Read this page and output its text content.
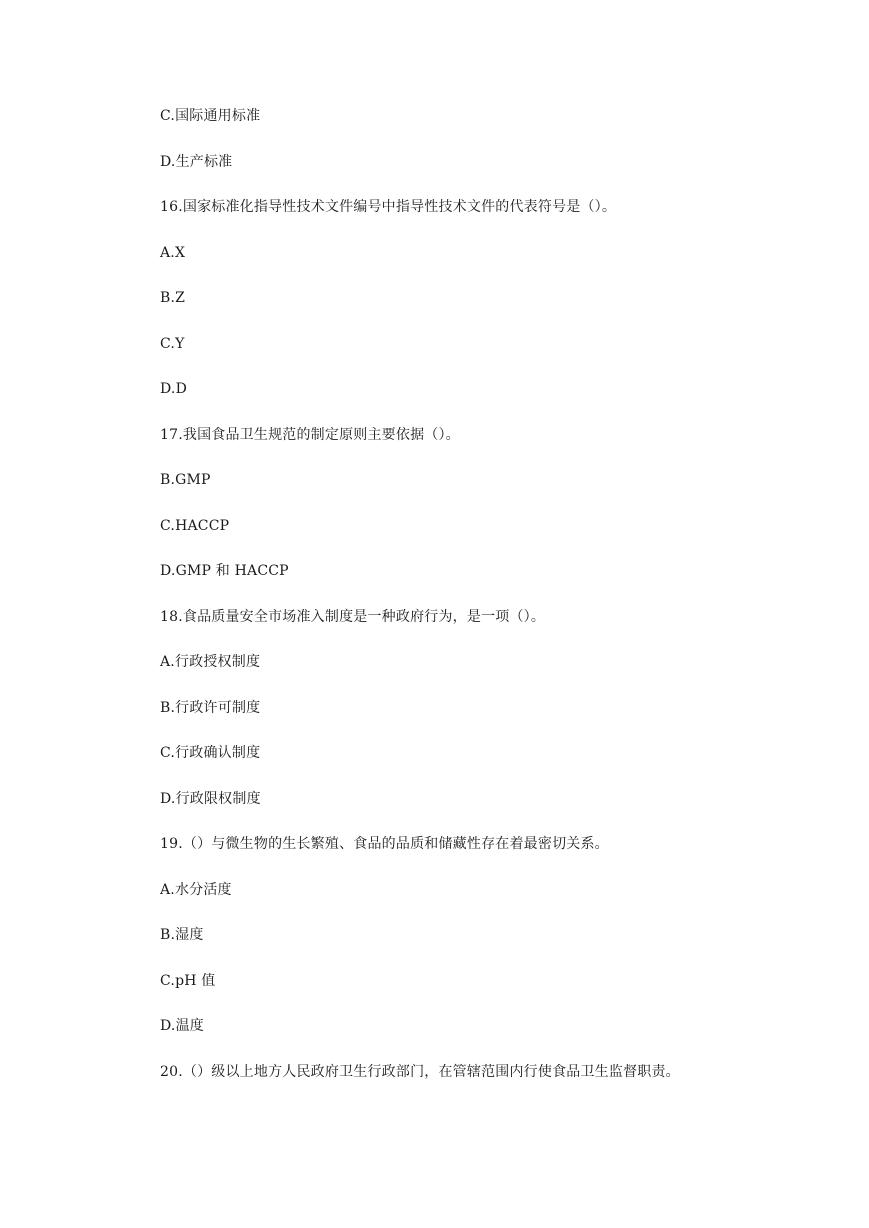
C.国际通用标准
D.生产标准
16.国家标准化指导性技术文件编号中指导性技术文件的代表符号是（）。
A.X
B.Z
C.Y
D.D
17.我国食品卫生规范的制定原则主要依据（）。
B.GMP
C.HACCP
D.GMP 和 HACCP
18.食品质量安全市场准入制度是一种政府行为，是一项（）。
A.行政授权制度
B.行政许可制度
C.行政确认制度
D.行政限权制度
19.（）与微生物的生长繁殖、食品的品质和储藏性存在着最密切关系。
A.水分活度
B.湿度
C.pH 值
D.温度
20.（）级以上地方人民政府卫生行政部门，在管辖范围内行使食品卫生监督职责。
